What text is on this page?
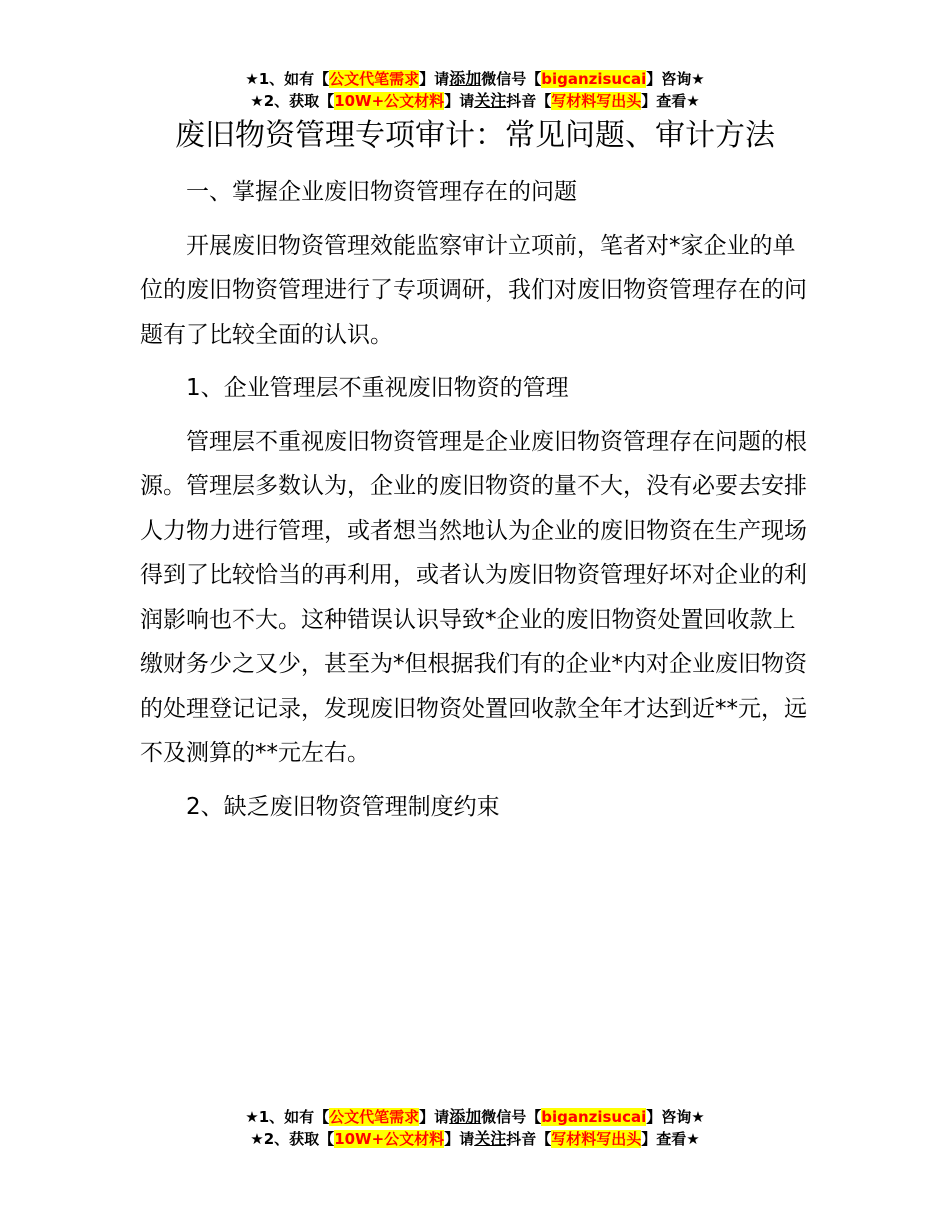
★1、如有【公文代笔需求】请添加微信号【biganzisucai】咨询★
★2、获取【10W+公文材料】请关注抖音【写材料写出头】查看★
废旧物资管理专项审计：常见问题、审计方法

一、掌握企业废旧物资管理存在的问题

开展废旧物资管理效能监察审计立项前，笔者对*家企业的单位的废旧物资管理进行了专项调研，我们对废旧物资管理存在的问题有了比较全面的认识。

1、企业管理层不重视废旧物资的管理

管理层不重视废旧物资管理是企业废旧物资管理存在问题的根源。管理层多数认为，企业的废旧物资的量不大，没有必要去安排人力物力进行管理，或者想当然地认为企业的废旧物资在生产现场得到了比较恰当的再利用，或者认为废旧物资管理好坏对企业的利润影响也不大。这种错误认识导致*企业的废旧物资处置回收款上缴财务少之又少，甚至为*但根据我们有的企业*内对企业废旧物资的处理登记记录，发现废旧物资处置回收款全年才达到近**元，远不及测算的**元左右。

2、缺乏废旧物资管理制度约束

★1、如有【公文代笔需求】请添加微信号【biganzisucai】咨询★
★2、获取【10W+公文材料】请关注抖音【写材料写出头】查看★
